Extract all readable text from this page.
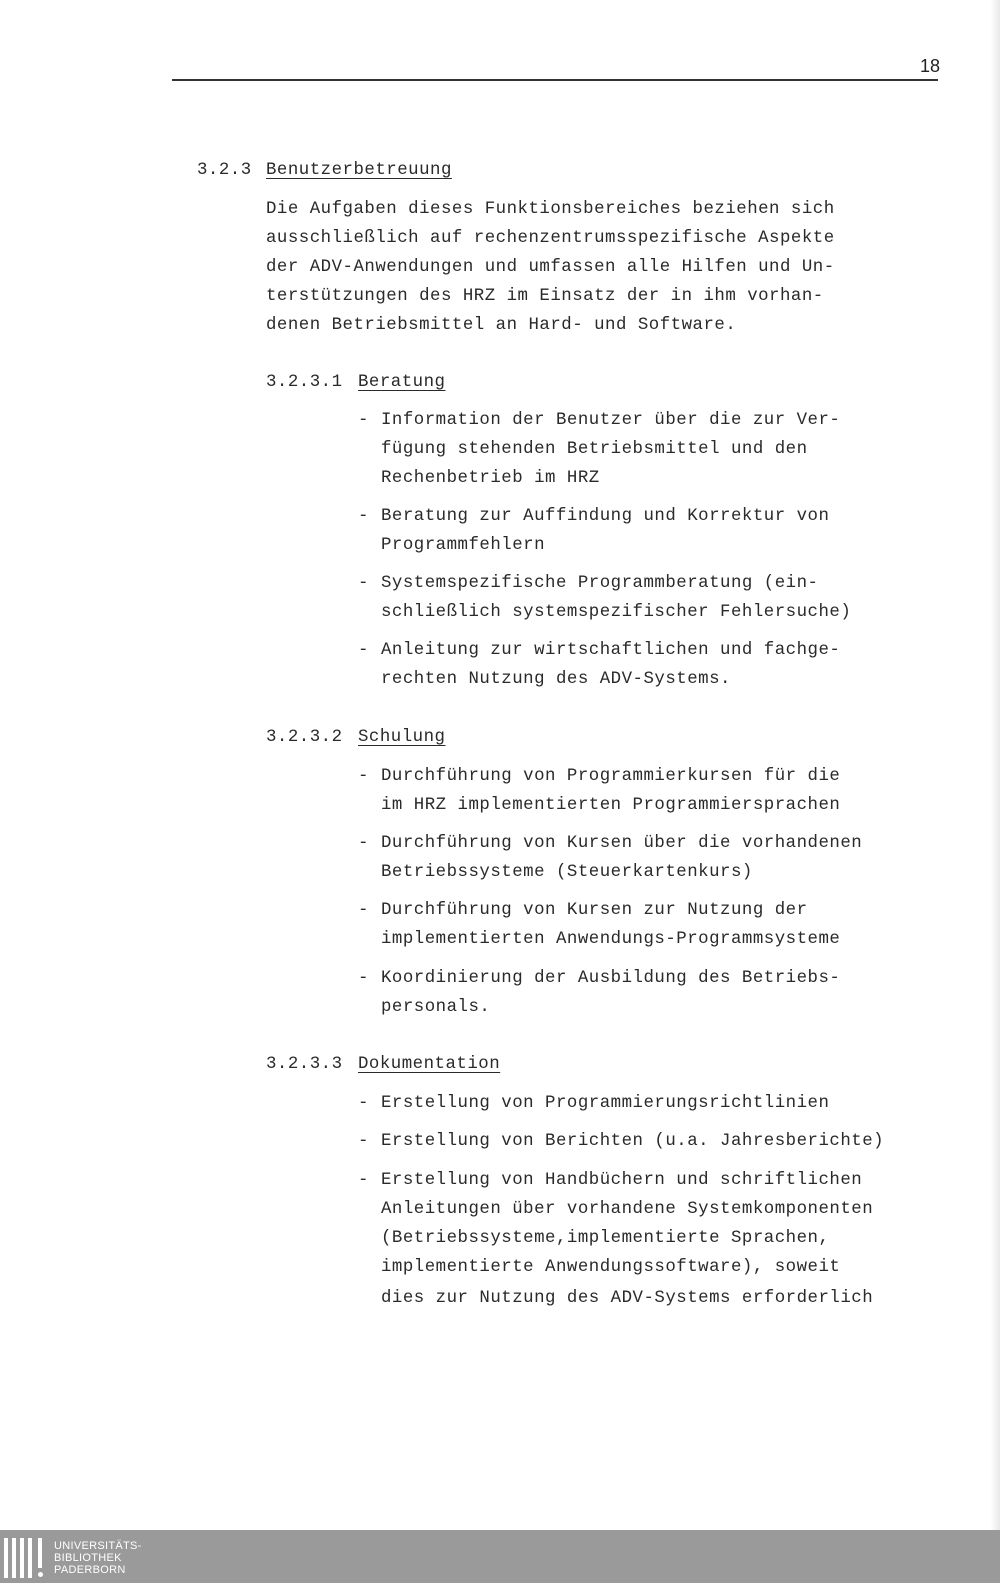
18
3.2.3 Benutzerbetreuung
Die Aufgaben dieses Funktionsbereiches beziehen sich
ausschließlich auf rechenzentrumsspezifische Aspekte
der ADV-Anwendungen und umfassen alle Hilfen und Un-
terstützungen des HRZ im Einsatz der in ihm vorhan-
denen Betriebsmittel an Hard- und Software.
3.2.3.1 Beratung
- Information der Benutzer über die zur Ver-
fügung stehenden Betriebsmittel und den
Rechenbetrieb im HRZ
- Beratung zur Auffindung und Korrektur von
Programmfehlern
- Systemspezifische Programmberatung (ein-
schließlich systemspezifischer Fehlersuche)
- Anleitung zur wirtschaftlichen und fachge-
rechten Nutzung des ADV-Systems.
3.2.3.2 Schulung
- Durchführung von Programmierkursen für die
im HRZ implementierten Programmiersprachen
- Durchführung von Kursen über die vorhandenen
Betriebssysteme (Steuerkartenkurs)
- Durchführung von Kursen zur Nutzung der
implementierten Anwendungs-Programmsysteme
- Koordinierung der Ausbildung des Betriebs-
personals.
3.2.3.3 Dokumentation
- Erstellung von Programmierungsrichtlinien
- Erstellung von Berichten (u.a. Jahresberichte)
- Erstellung von Handbüchern und schriftlichen
Anleitungen über vorhandene Systemkomponenten
(Betriebssysteme,implementierte Sprachen,
implementierte Anwendungssoftware), soweit
dies zur Nutzung des ADV-Systems erforderlich
UNIVERSITÄTS-
BIBLIOTHEK
PADERBORN
